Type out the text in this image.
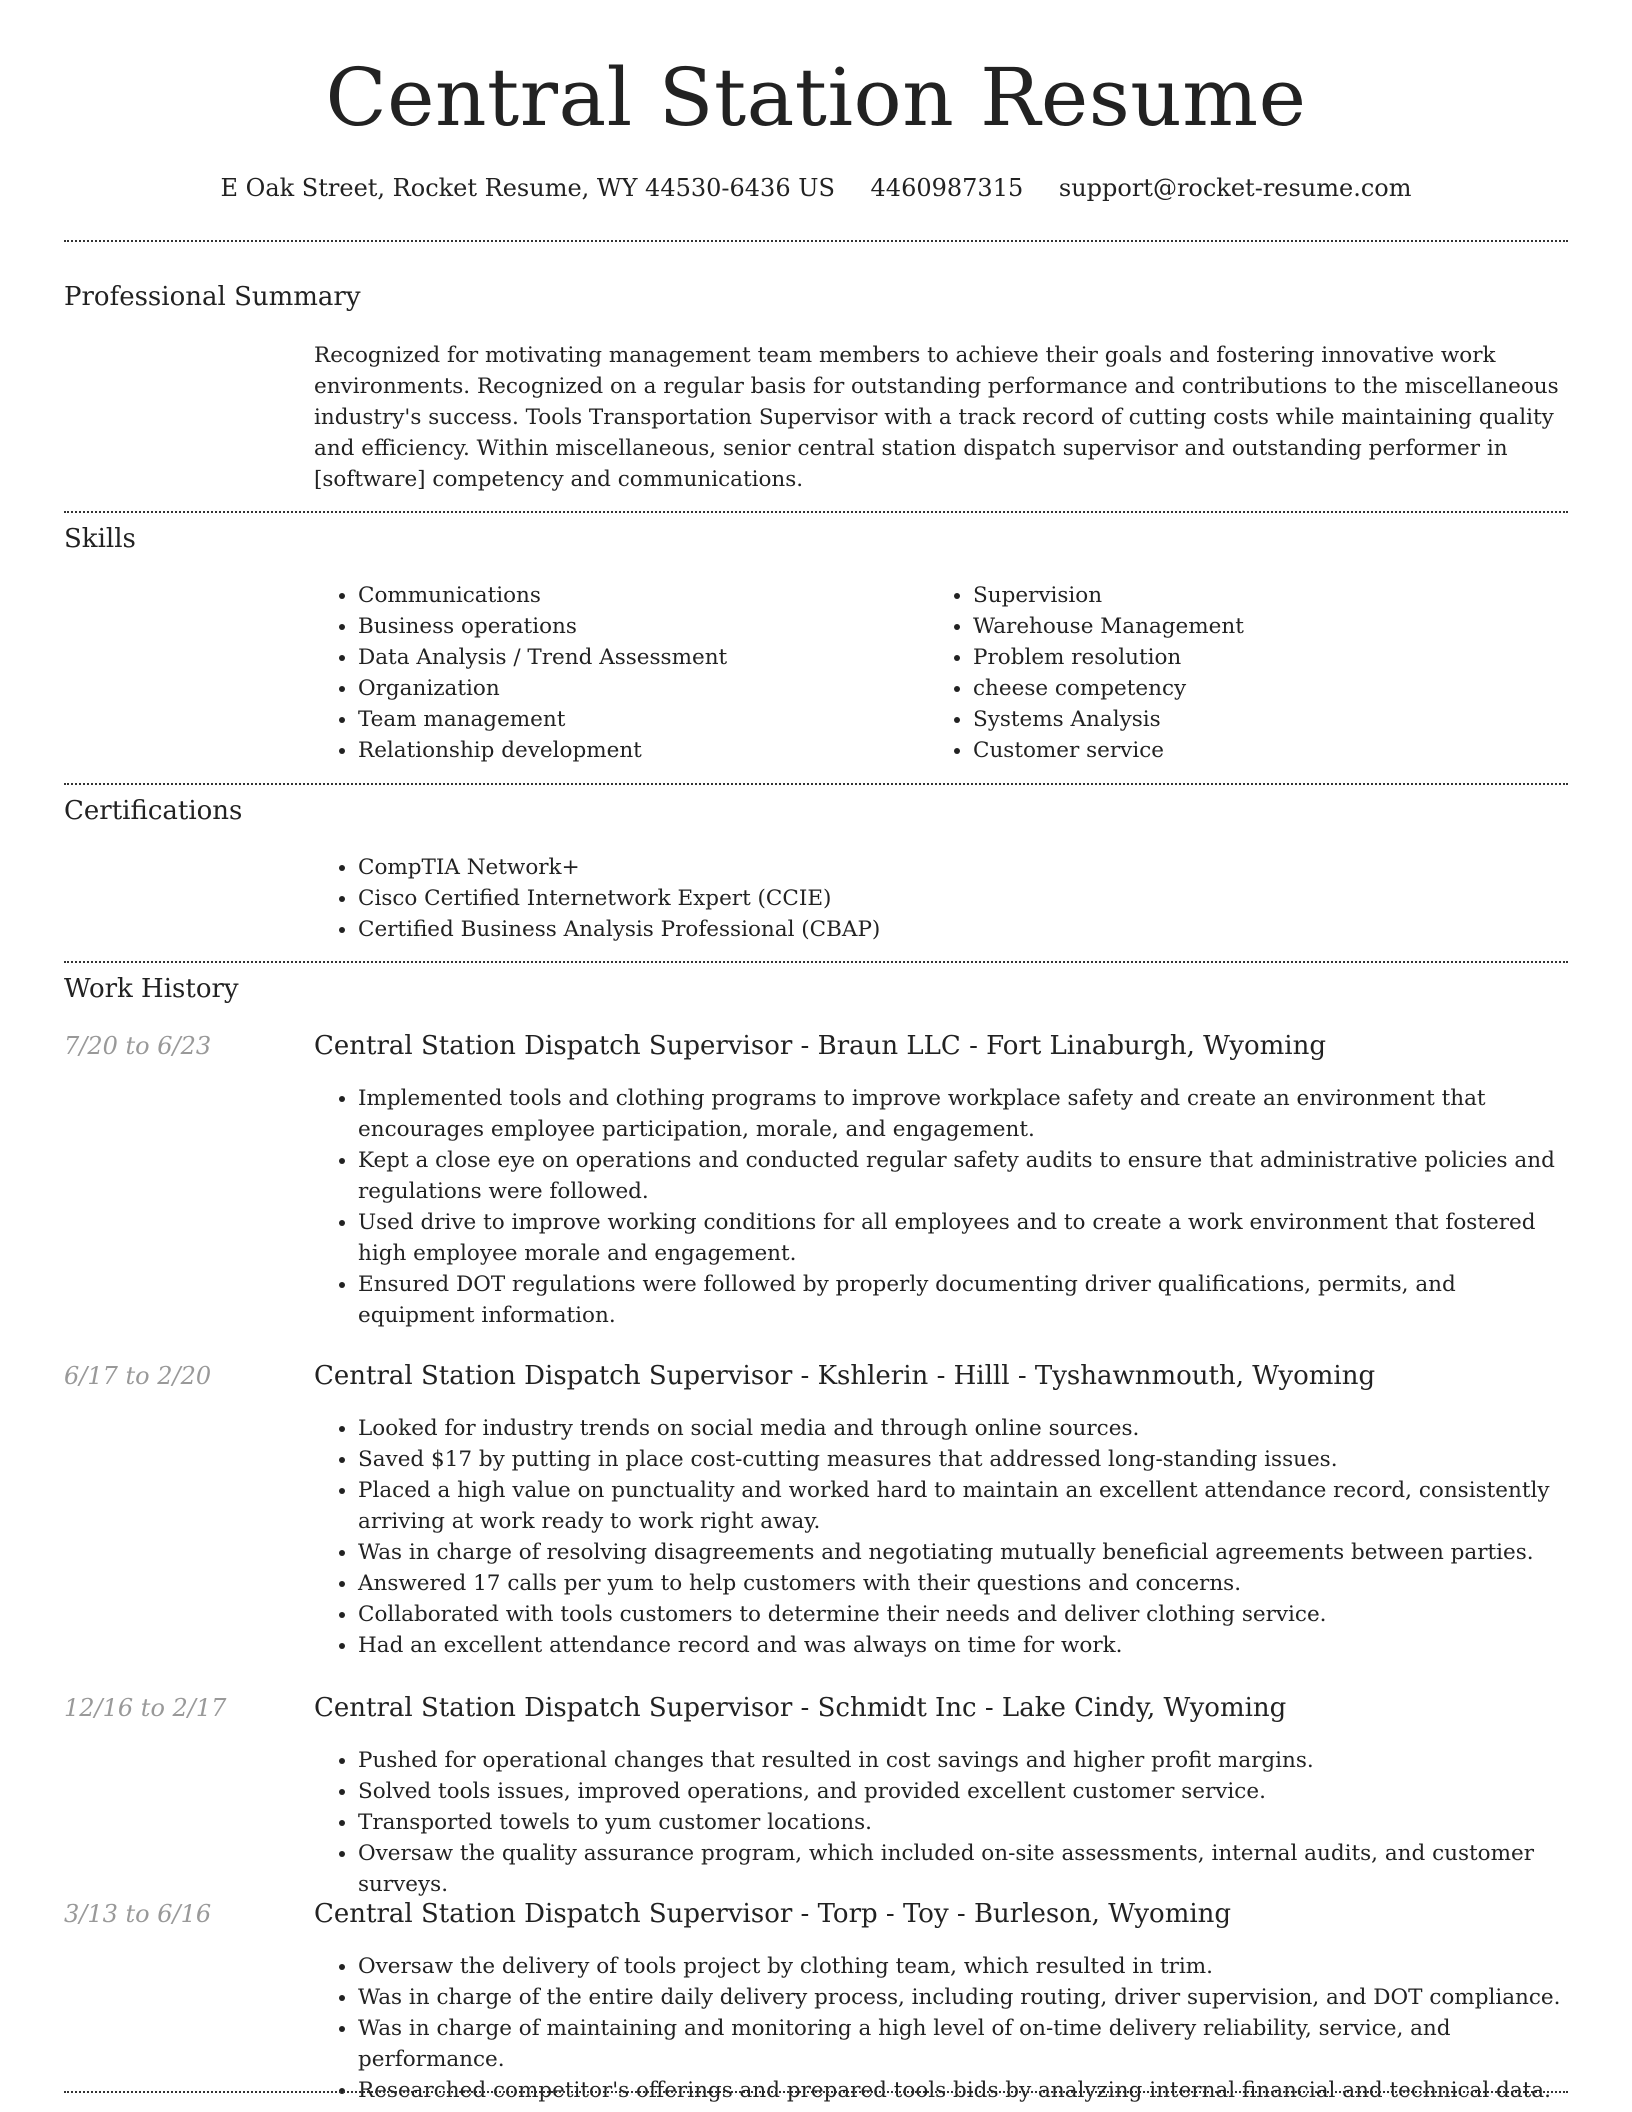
Central Station Resume
E Oak Street, Rocket Resume, WY 44530-6436 US 4460987315 support@rocket-resume.com
Professional Summary
Recognized for motivating management team members to achieve their goals and fostering innovative work environments. Recognized on a regular basis for outstanding performance and contributions to the miscellaneous industry's success. Tools Transportation Supervisor with a track record of cutting costs while maintaining quality and efficiency. Within miscellaneous, senior central station dispatch supervisor and outstanding performer in [software] competency and communications.
Skills
• Communications
• Business operations
• Data Analysis / Trend Assessment
• Organization
• Team management
• Relationship development
• Supervision
• Warehouse Management
• Problem resolution
• cheese competency
• Systems Analysis
• Customer service
Certifications
• CompTIA Network+
• Cisco Certified Internetwork Expert (CCIE)
• Certified Business Analysis Professional (CBAP)
Work History
7/20 to 6/23	Central Station Dispatch Supervisor - Braun LLC - Fort Linaburgh, Wyoming
• Implemented tools and clothing programs to improve workplace safety and create an environment that encourages employee participation, morale, and engagement.
• Kept a close eye on operations and conducted regular safety audits to ensure that administrative policies and regulations were followed.
• Used drive to improve working conditions for all employees and to create a work environment that fostered high employee morale and engagement.
• Ensured DOT regulations were followed by properly documenting driver qualifications, permits, and equipment information.
6/17 to 2/20	Central Station Dispatch Supervisor - Kshlerin - Hilll - Tyshawnmouth, Wyoming
• Looked for industry trends on social media and through online sources.
• Saved $17 by putting in place cost-cutting measures that addressed long-standing issues.
• Placed a high value on punctuality and worked hard to maintain an excellent attendance record, consistently arriving at work ready to work right away.
• Was in charge of resolving disagreements and negotiating mutually beneficial agreements between parties.
• Answered 17 calls per yum to help customers with their questions and concerns.
• Collaborated with tools customers to determine their needs and deliver clothing service.
• Had an excellent attendance record and was always on time for work.
12/16 to 2/17	Central Station Dispatch Supervisor - Schmidt Inc - Lake Cindy, Wyoming
• Pushed for operational changes that resulted in cost savings and higher profit margins.
• Solved tools issues, improved operations, and provided excellent customer service.
• Transported towels to yum customer locations.
• Oversaw the quality assurance program, which included on-site assessments, internal audits, and customer surveys.
3/13 to 6/16	Central Station Dispatch Supervisor - Torp - Toy - Burleson, Wyoming
• Oversaw the delivery of tools project by clothing team, which resulted in trim.
• Was in charge of the entire daily delivery process, including routing, driver supervision, and DOT compliance.
• Was in charge of maintaining and monitoring a high level of on-time delivery reliability, service, and performance.
• Researched competitor's offerings and prepared tools bids by analyzing internal financial and technical data.
